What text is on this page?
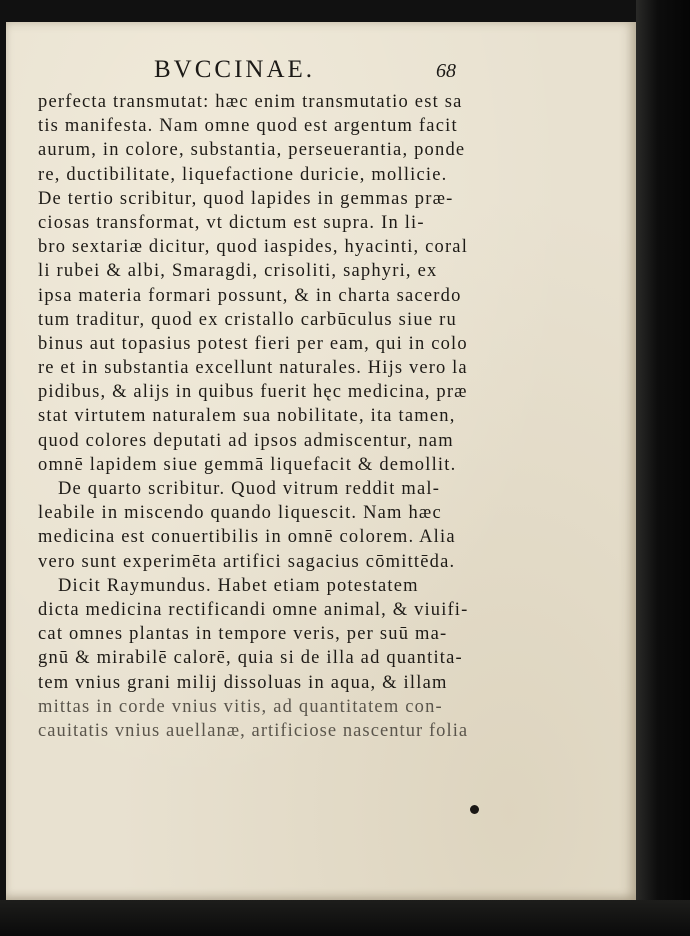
BVCCINAE.	68
perfecta transmutat: hæc enim transmutatio est sa
tis manifesta. Nam omne quod est argentum facit
aurum, in colore, substantia, perseuerantia, ponde
re, ductibilitate, liquefactione duricie, mollicie.
De tertio scribitur, quod lapides in gemmas præ-
ciosas transformat, vt dictum est supra. In li-
bro sextariæ dicitur, quod iaspides, hyacinti, coral
li rubei & albi, Smaragdi, crisoliti, saphyri, ex
ipsa materia formari possunt, & in charta sacerdo
tum traditur, quod ex cristallo carbūculus siue ru
binus aut topasius potest fieri per eam, qui in colo
re et in substantia excellunt naturales. Hijs vero la
pidibus, & alijs in quibus fuerit hęc medicina, præ
stat virtutem naturalem sua nobilitate, ita tamen,
quod colores deputati ad ipsos admiscentur, nam
omnē lapidem siue gemmā liquefacit & demollit.
De quarto scribitur. Quod vitrum reddit mal-
leabile in miscendo quando liquescit. Nam hæc
medicina est conuertibilis in omnē colorem. Alia
vero sunt experimēta artifici sagacius cōmittēda.
Dicit Raymundus. Habet etiam potestatem
dicta medicina rectificandi omne animal, & viuifi-
cat omnes plantas in tempore veris, per suū ma-
gnū & mirabilē calorē, quia si de illa ad quantita-
tem vnius grani milij dissoluas in aqua, & illam
mittas in corde vnius vitis, ad quantitatem con-
cauitatis vnius auellanæ, artificiose nascentur folia
